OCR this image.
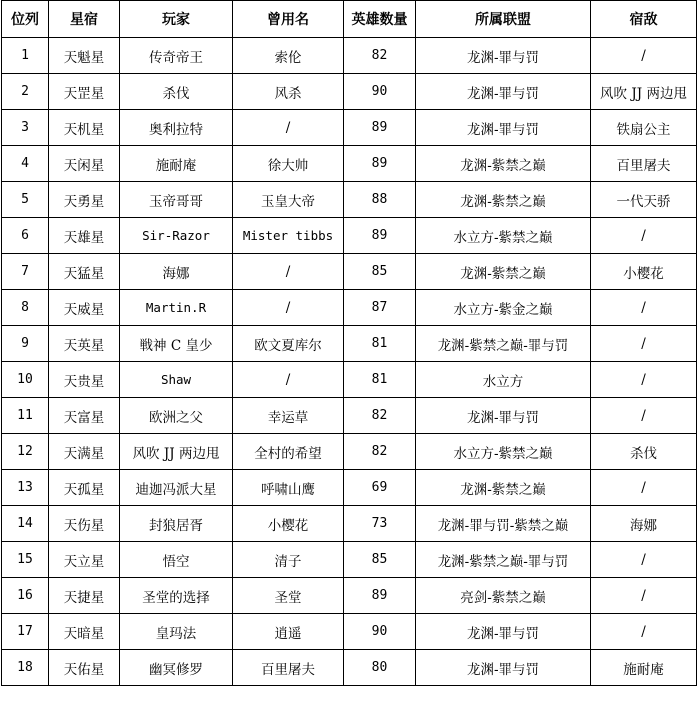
位列	星宿	玩家	曾用名	英雄数量	所属联盟	宿敌
1	天魁星	传奇帝王	索伦	82	龙渊-罪与罚	/
2	天罡星	杀伐	风杀	90	龙渊-罪与罚	风吹 JJ 两边甩
3	天机星	奥利拉特	/	89	龙渊-罪与罚	铁扇公主
4	天闲星	施耐庵	徐大帅	89	龙渊-紫禁之巅	百里屠夫
5	天勇星	玉帝哥哥	玉皇大帝	88	龙渊-紫禁之巅	一代天骄
6	天雄星	Sir-Razor	Mister tibbs	89	水立方-紫禁之巅	/
7	天猛星	海娜	/	85	龙渊-紫禁之巅	小樱花
8	天威星	Martin.R	/	87	水立方-紫金之巅	/
9	天英星	戦神 C 皇少	欧文夏库尔	81	龙渊-紫禁之巅-罪与罚	/
10	天贵星	Shaw	/	81	水立方	/
11	天富星	欧洲之父	幸运草	82	龙渊-罪与罚	/
12	天满星	风吹 JJ 两边甩	全村的希望	82	水立方-紫禁之巅	杀伐
13	天孤星	迪迦冯派大星	呼啸山鹰	69	龙渊-紫禁之巅	/
14	天伤星	封狼居胥	小樱花	73	龙渊-罪与罚-紫禁之巅	海娜
15	天立星	悟空	清子	85	龙渊-紫禁之巅-罪与罚	/
16	天捷星	圣堂的选择	圣堂	89	亮剑-紫禁之巅	/
17	天暗星	皇玛法	逍遥	90	龙渊-罪与罚	/
18	天佑星	幽冥修罗	百里屠夫	80	龙渊-罪与罚	施耐庵
